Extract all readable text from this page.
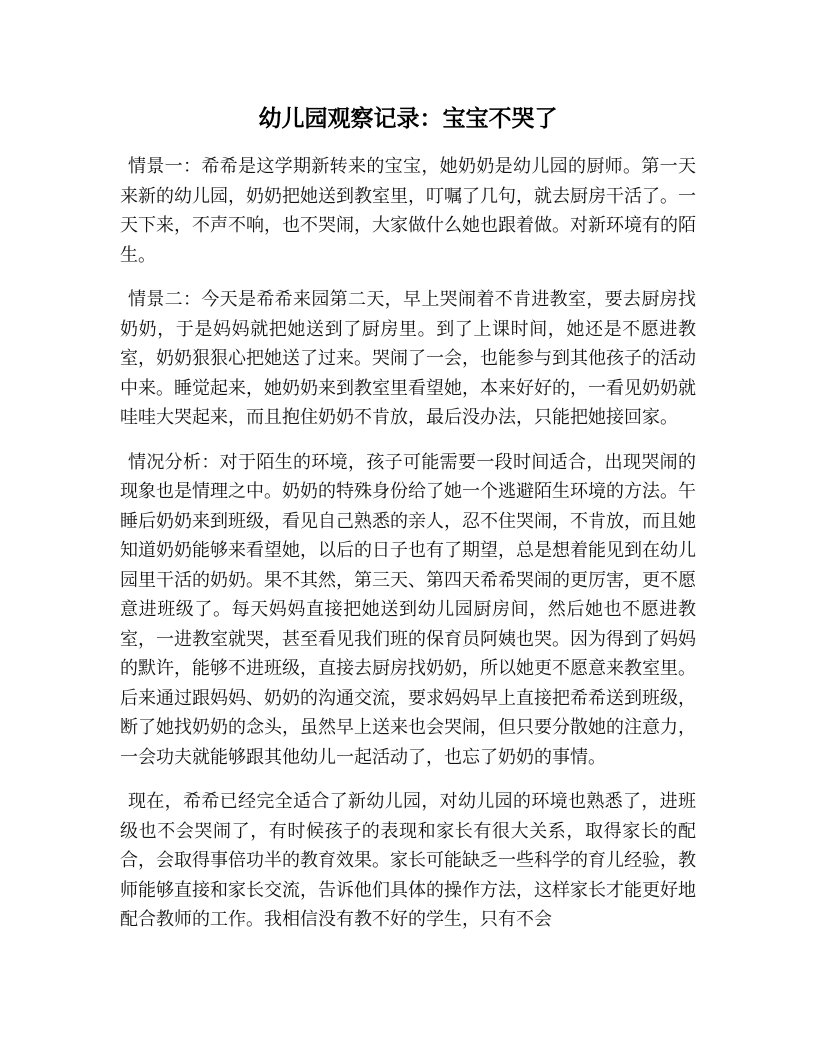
幼儿园观察记录：宝宝不哭了

情景一：希希是这学期新转来的宝宝，她奶奶是幼儿园的厨师。第一天来新的幼儿园，奶奶把她送到教室里，叮嘱了几句，就去厨房干活了。一天下来，不声不响，也不哭闹，大家做什么她也跟着做。对新环境有的陌生。

情景二：今天是希希来园第二天，早上哭闹着不肯进教室，要去厨房找奶奶，于是妈妈就把她送到了厨房里。到了上课时间，她还是不愿进教室，奶奶狠狠心把她送了过来。哭闹了一会，也能参与到其他孩子的活动中来。睡觉起来，她奶奶来到教室里看望她，本来好好的，一看见奶奶就哇哇大哭起来，而且抱住奶奶不肯放，最后没办法，只能把她接回家。

情况分析：对于陌生的环境，孩子可能需要一段时间适合，出现哭闹的现象也是情理之中。奶奶的特殊身份给了她一个逃避陌生环境的方法。午睡后奶奶来到班级，看见自己熟悉的亲人，忍不住哭闹，不肯放，而且她知道奶奶能够来看望她，以后的日子也有了期望，总是想着能见到在幼儿园里干活的奶奶。果不其然，第三天、第四天希希哭闹的更厉害，更不愿意进班级了。每天妈妈直接把她送到幼儿园厨房间，然后她也不愿进教室，一进教室就哭，甚至看见我们班的保育员阿姨也哭。因为得到了妈妈的默许，能够不进班级，直接去厨房找奶奶，所以她更不愿意来教室里。后来通过跟妈妈、奶奶的沟通交流，要求妈妈早上直接把希希送到班级，断了她找奶奶的念头，虽然早上送来也会哭闹，但只要分散她的注意力，一会功夫就能够跟其他幼儿一起活动了，也忘了奶奶的事情。

现在，希希已经完全适合了新幼儿园，对幼儿园的环境也熟悉了，进班级也不会哭闹了，有时候孩子的表现和家长有很大关系，取得家长的配合，会取得事倍功半的教育效果。家长可能缺乏一些科学的育儿经验，教师能够直接和家长交流，告诉他们具体的操作方法，这样家长才能更好地配合教师的工作。我相信没有教不好的学生，只有不会
